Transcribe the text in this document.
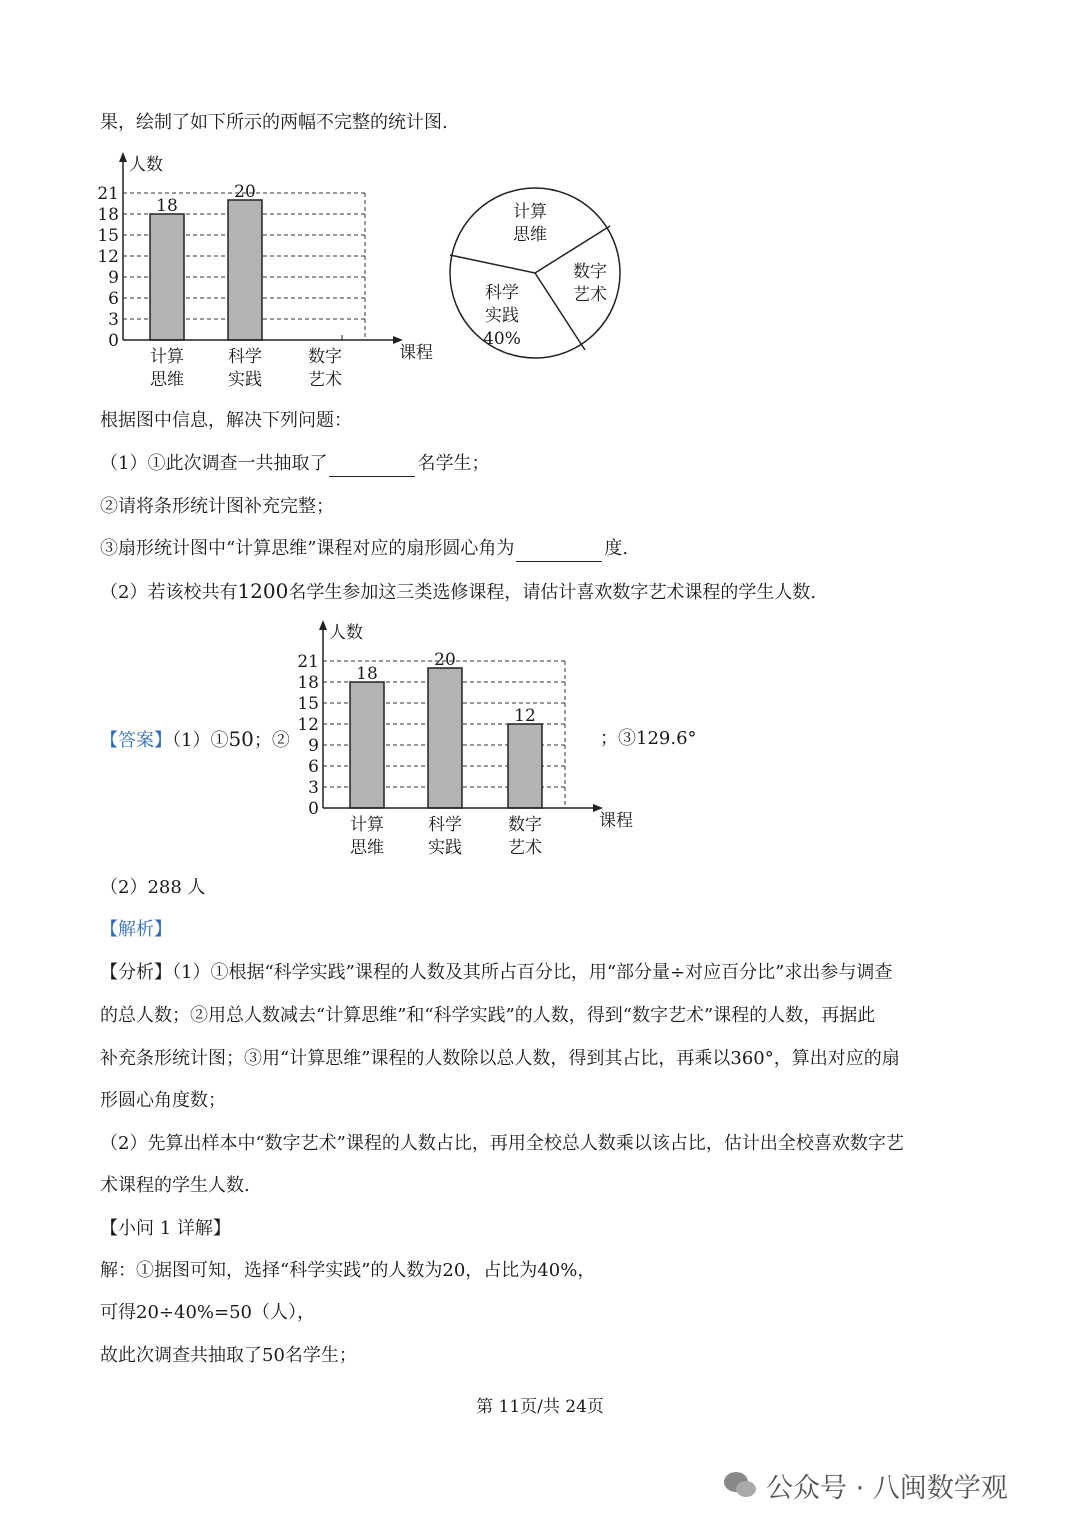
果，绘制了如下所示的两幅不完整的统计图.
0
3
6
9
12
15
18
21
18
计算
思维
20
科学
实践
数字
艺术
人数
课程
计算
思维
数字
艺术
科学
实践
40%
根据图中信息，解决下列问题：
（1）①此次调查一共抽取了	名学生；
②请将条形统计图补充完整；
③扇形统计图中“计算思维”课程对应的扇形圆心角为	度.
（2）若该校共有1200名学生参加这三类选修课程，请估计喜欢数字艺术课程的学生人数.
【答案】（1）①50；②	；③129.6°
0
3
6
9
12
15
18
21
18
计算
思维
20
科学
实践
12
数字
艺术
人数
课程
（2）288 人
【解析】
【分析】（1）①根据“科学实践”课程的人数及其所占百分比，用“部分量÷对应百分比”求出参与调查
的总人数；②用总人数减去“计算思维”和“科学实践”的人数，得到“数字艺术”课程的人数，再据此
补充条形统计图；③用“计算思维”课程的人数除以总人数，得到其占比，再乘以360°，算出对应的扇
形圆心角度数；
（2）先算出样本中“数字艺术”课程的人数占比，再用全校总人数乘以该占比，估计出全校喜欢数字艺
术课程的学生人数.
【小问 1 详解】
解：①据图可知，选择“科学实践”的人数为20，占比为40%，
可得20÷40%=50（人），
故此次调查共抽取了50名学生；
第 11页/共 24页
公众号 · 八闽数学观
